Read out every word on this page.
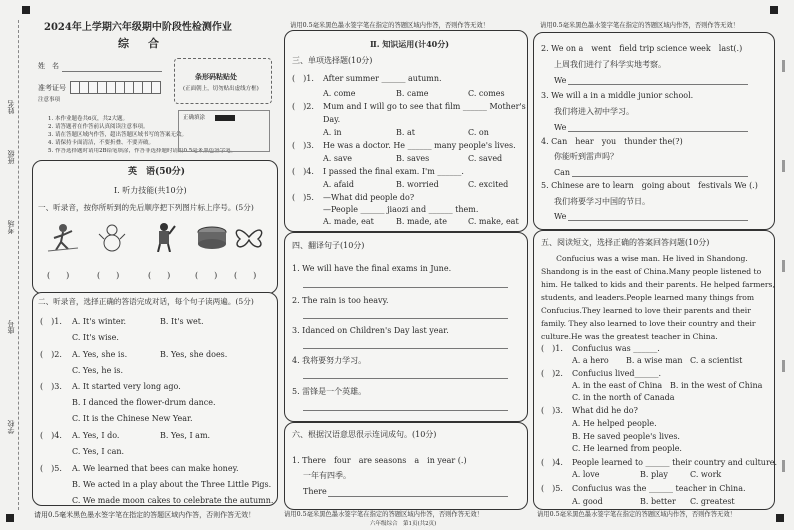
姓名
班级
考场
座号
学校
2024年上学期六年级期中阶段性检测作业
综　合
姓　名
准考证号
条形码粘贴处
(正面朝上，切勿贴出虚线方框)
注意事项
1. 本作业题卷共6页，共2大题。
2. 请答题者在作答前认真阅读注意事项。
3. 请在答题区域内作答，超出答题区域书写的答案无效。
4. 请保持卡面清洁，不要折叠、不要弄破。
5. 作答选择题时请用2B铅笔填涂，作答非选择题时请用0.5毫米黑色签字笔。
正确填涂
英　语(50分)
Ⅰ. 听力技能(共10分)
一、听录音，按你所听到的先后顺序把下列图片标上序号。(5分)
(　　)	(　　)	(　　)	(　　) (　　)
二、听录音，选择正确的答语完成对话，每个句子读两遍。(5分)
(　)1. A. It's winter.	B. It's wet.
C. It's wise.
(　)2. A. Yes, she is.	B. Yes, she does.
C. Yes, he is.
(　)3. A. It started very long ago.
B. I danced the flower-drum dance.
C. It is the Chinese New Year.
(　)4. A. Yes, I do.	B. Yes, I am.
C. Yes, I can.
(　)5. A. We learned that bees can make honey.
B. We acted in a play about the Three Little Pigs.
C. We made moon cakes to celebrate the autumn.
请用0.5毫米黑色墨水签字笔在指定的答题区域内作答，否则作答无效！
请用0.5毫米黑色墨水签字笔在指定的答题区域内作答，否则作答无效！
Ⅱ. 知识运用(计40分)
三、单项选择题(10分)
(　)1. After summer ______ autumn.
A. come	B. came	C. comes
(　)2. Mum and I will go to see that film ______ Mother's
Day.
A. in	B. at	C. on
(　)3. He was a doctor. He ______ many people's lives.
A. save	B. saves	C. saved
(　)4. I passed the final exam. I'm ______.
A. afaid	B. worried	C. excited
(　)5. —What did people do?
—People ______ jiaozi and ______ them.
A. made, eat	B. made, ate	C. make, eat
四、翻译句子(10分)
1. We will have the final exams in June.
2. The rain is too heavy.
3. Idanced on Children's Day last year.
4. 我将要努力学习。
5. 雷锋是一个英雄。
六、根据汉语意思很示连词成句。(10分)
1. There　four　are seasons　a　in year (.)
一年有四季。
There
请用0.5毫米黑色墨水签字笔在指定的答题区域内作答，否则作答无效！
六年级综合　第1页(共2页)
请用0.5毫米黑色墨水签字笔在指定的答题区域内作答，否则作答无效！
2. We on a　went　field trip science week　last(.)
上周我们进行了科学实地考察。
We
3. We will a in a middle junior school.
我们将进入初中学习。
We
4. Can　hear　you　thunder the(?)
你能听到雷声吗？
Can
5. Chinese are to learn　going about　festivals We (.)
我们将要学习中国的节日。
We
五、阅读短文，选择正确的答案回答问题(10分)
　　Confucius was a wise man. He lived in Shandong.
Shandong is in the east of China.Many people listened to
him. He talked to kids and their parents. He helped farmers,
students, and leaders.People learned many things from
Confucius.They learned to love their parents and their
family. They also learned to love their country and their
culture.He was the greatest teacher in China.
(　)1. Confucius was ______.
A. a hero B. a wise man C. a scientist
(　)2. Confucius lived______.
A. in the east of China B. in the west of China
C. in the north of Canada
(　)3. What did he do?
A. He helped people.
B. He saved people's lives.
C. He learned from people.
(　)4. People learned to ______ their country and culture.
A. love	B. play	C. work
(　)5. Confucius was the ______ teacher in China.
A. good	B. better C. greatest
请用0.5毫米黑色墨水签字笔在指定的答题区域内作答，否则作答无效！
